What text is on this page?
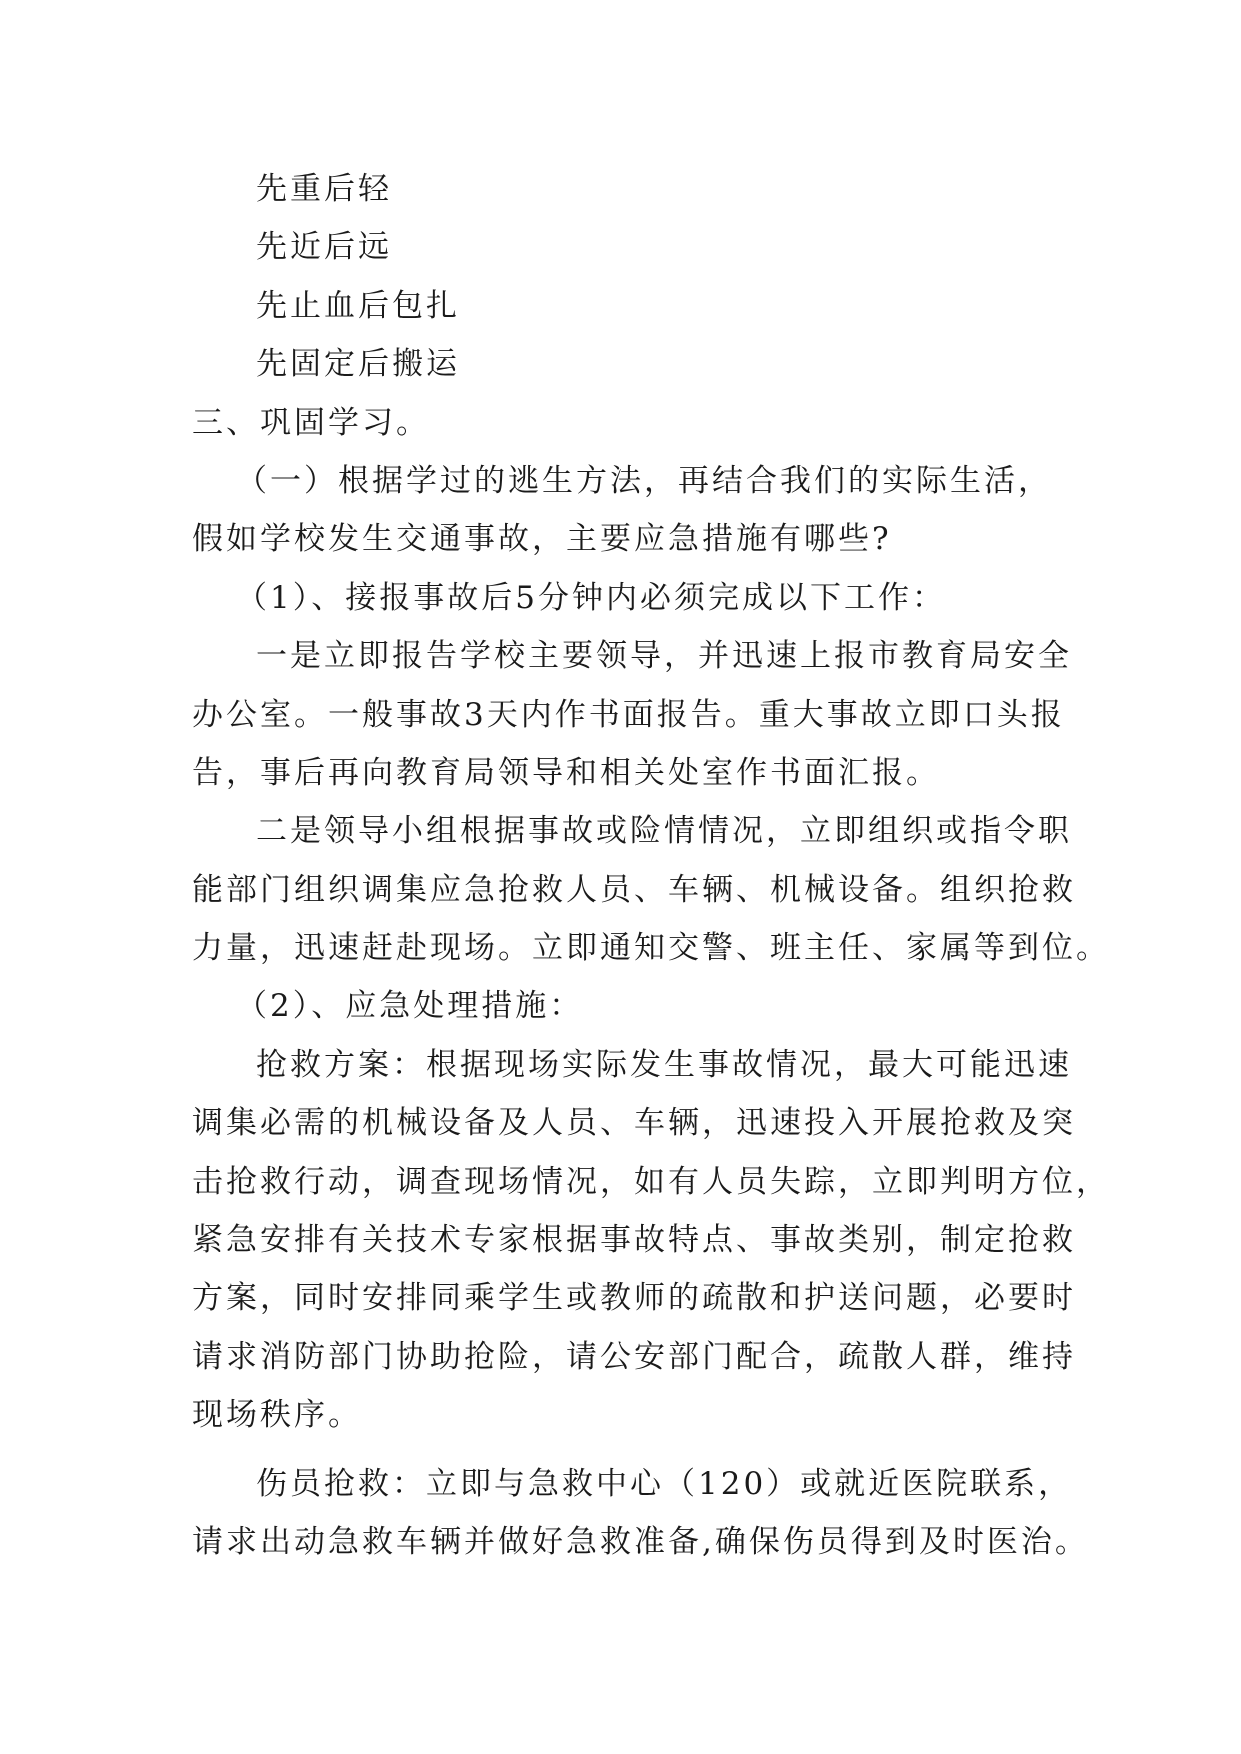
先重后轻
先近后远
先止血后包扎
先固定后搬运
三、巩固学习。
（一）根据学过的逃生方法，再结合我们的实际生活，
假如学校发生交通事故，主要应急措施有哪些?
（1）、接报事故后5分钟内必须完成以下工作：
一是立即报告学校主要领导，并迅速上报市教育局安全
办公室。一般事故3天内作书面报告。重大事故立即口头报
告，事后再向教育局领导和相关处室作书面汇报。
二是领导小组根据事故或险情情况，立即组织或指令职
能部门组织调集应急抢救人员、车辆、机械设备。组织抢救
力量，迅速赶赴现场。立即通知交警、班主任、家属等到位。
（2）、应急处理措施：
抢救方案：根据现场实际发生事故情况，最大可能迅速
调集必需的机械设备及人员、车辆，迅速投入开展抢救及突
击抢救行动，调查现场情况，如有人员失踪，立即判明方位，
紧急安排有关技术专家根据事故特点、事故类别，制定抢救
方案，同时安排同乘学生或教师的疏散和护送问题，必要时
请求消防部门协助抢险，请公安部门配合，疏散人群，维持
现场秩序。
伤员抢救：立即与急救中心（120）或就近医院联系，
请求出动急救车辆并做好急救准备,确保伤员得到及时医治。
